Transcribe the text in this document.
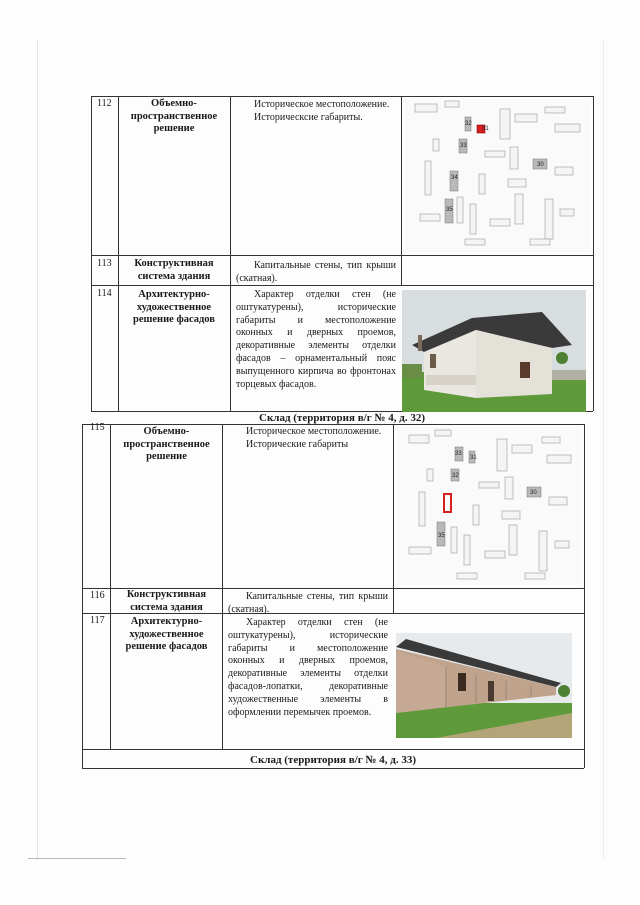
112	Объемно-пространственное решение

Историческое местоположение.

Историческсие габариты.

32
31
33
30
34
35
113	Конструктивная система здания

Капитальные стены, тип крыши (скатная).

114	Архитектурно-художественное решение фасадов

Характер отделки стен (не оштукатурены), исторические габариты и местоположение оконных и дверных проемов, декоративные элементы отделки фасадов – орнаментальный пояс выпущенного кирпича во фронтонах торцевых фасадов.

Склад (территория в/г № 4, д. 32)
115	Объемно-пространственное решение

Историческое местоположение.

Исторические габариты

33
31
32
30
35
116	Конструктивная система здания

Капитальные стены, тип крыши (скатная).

117	Архитектурно-художественное решение фасадов

Характер отделки стен (не оштукатурены), исторические габариты и местоположение оконных и дверных проемов, декоративные элементы отделки фасадов-лопатки, декоративные художественные элементы в оформлении перемычек проемов.

Склад (территория в/г № 4, д. 33)
